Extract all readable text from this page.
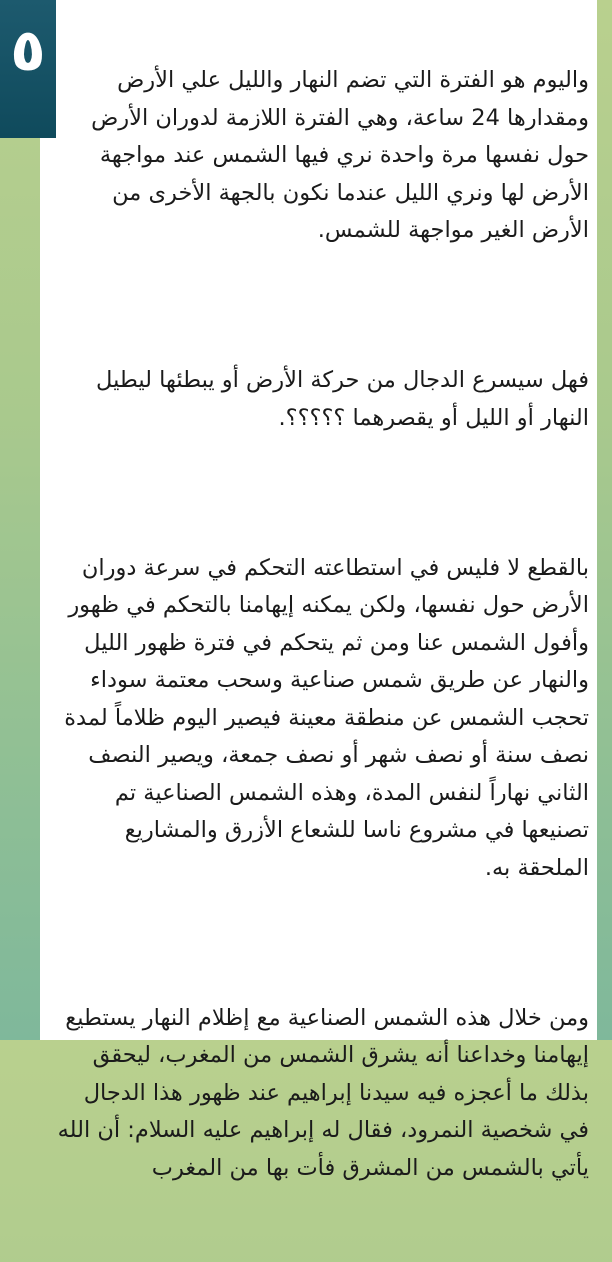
٥

	واليوم هو الفترة التي تضم النهار والليل علي الأرض ومقدارها 24 ساعة، وهي الفترة اللازمة لدوران الأرض حول نفسها مرة واحدة نري فيها الشمس عند مواجهة الأرض لها ونري الليل عندما نكون بالجهة الأخرى من الأرض الغير مواجهة للشمس.

فهل سيسرع الدجال من حركة الأرض أو يبطئها ليطيل النهار أو الليل أو يقصرهما ؟؟؟؟؟.

بالقطع لا فليس في استطاعته التحكم في سرعة دوران الأرض حول نفسها، ولكن يمكنه إيهامنا بالتحكم في ظهور وأفول الشمس عنا ومن ثم يتحكم في فترة ظهور الليل والنهار عن طريق شمس صناعية وسحب معتمة سوداء تحجب الشمس عن منطقة معينة فيصير اليوم ظلاماً لمدة نصف سنة أو نصف شهر أو نصف جمعة، ويصير النصف الثاني نهاراً لنفس المدة، وهذه الشمس الصناعية تم تصنيعها في مشروع ناسا للشعاع الأزرق والمشاريع الملحقة به.

ومن خلال هذه الشمس الصناعية مع إظلام النهار يستطيع إيهامنا وخداعنا أنه يشرق الشمس من المغرب، ليحقق بذلك ما أعجزه فيه سيدنا إبراهيم عند ظهور هذا الدجال في شخصية النمرود، فقال له إبراهيم عليه السلام: أن الله يأتي بالشمس من المشرق فأت بها من المغرب
